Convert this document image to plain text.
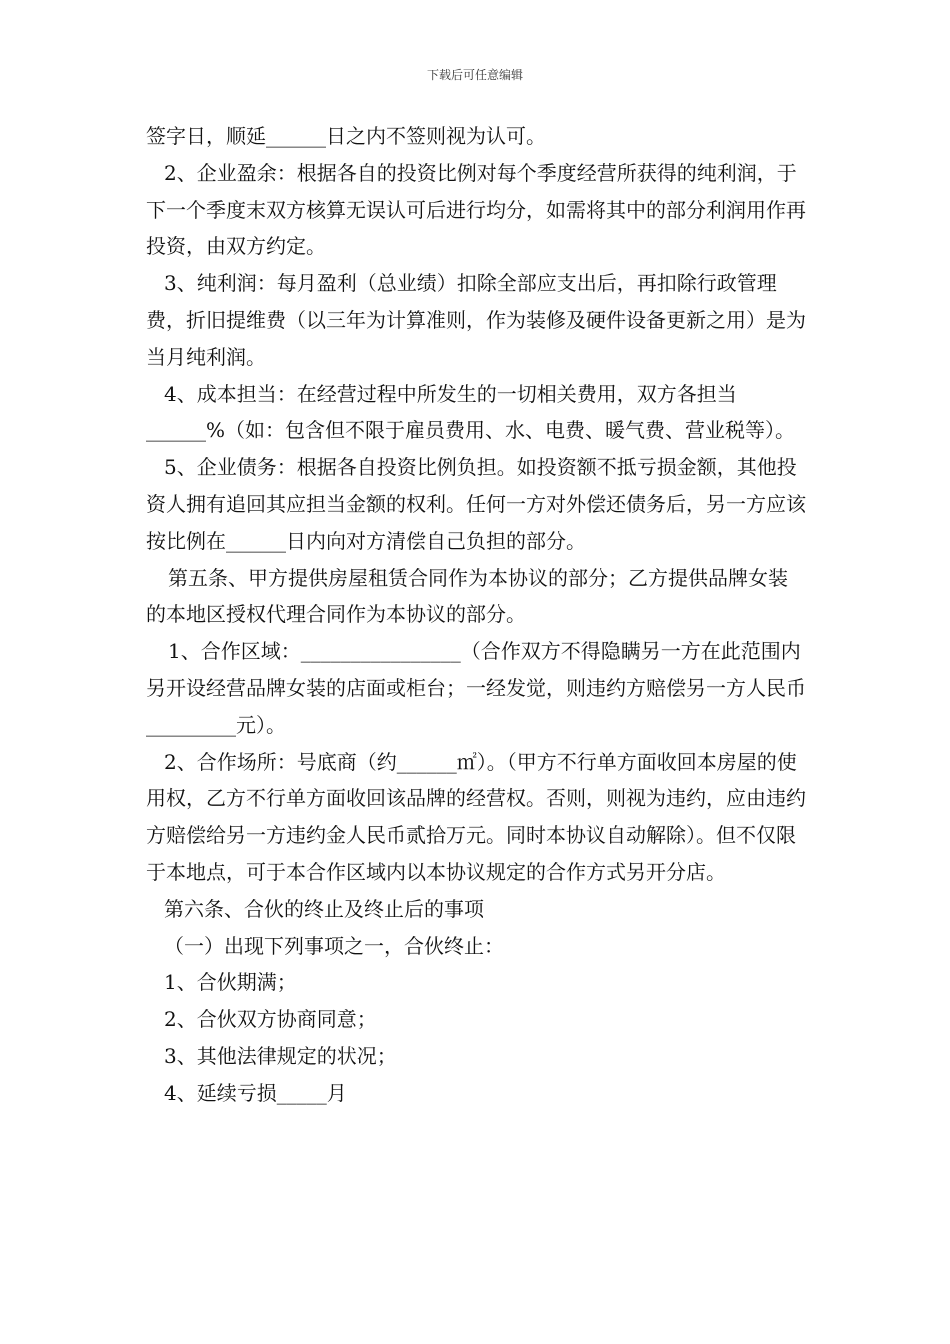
下载后可任意编辑

签字日，顺延______日之内不签则视为认可。

2、企业盈余：根据各自的投资比例对每个季度经营所获得的纯利润，于下一个季度末双方核算无误认可后进行均分，如需将其中的部分利润用作再投资，由双方约定。

3、纯利润：每月盈利（总业绩）扣除全部应支出后，再扣除行政管理费，折旧提维费（以三年为计算准则，作为装修及硬件设备更新之用）是为当月纯利润。

4、成本担当：在经营过程中所发生的一切相关费用，双方各担当______%（如：包含但不限于雇员费用、水、电费、暖气费、营业税等）。

5、企业债务：根据各自投资比例负担。如投资额不抵亏损金额，其他投资人拥有追回其应担当金额的权利。任何一方对外偿还债务后，另一方应该按比例在______日内向对方清偿自己负担的部分。

第五条、甲方提供房屋租赁合同作为本协议的部分；乙方提供品牌女装的本地区授权代理合同作为本协议的部分。

1、合作区域：________________（合作双方不得隐瞒另一方在此范围内另开设经营品牌女装的店面或柜台；一经发觉，则违约方赔偿另一方人民币_________元）。

2、合作场所：号底商（约______㎡）。（甲方不行单方面收回本房屋的使用权，乙方不行单方面收回该品牌的经营权。否则，则视为违约，应由违约方赔偿给另一方违约金人民币贰拾万元。同时本协议自动解除）。但不仅限于本地点，可于本合作区域内以本协议规定的合作方式另开分店。

第六条、合伙的终止及终止后的事项

（一）出现下列事项之一，合伙终止：

1、合伙期满；

2、合伙双方协商同意；

3、其他法律规定的状况；

4、延续亏损_____月
